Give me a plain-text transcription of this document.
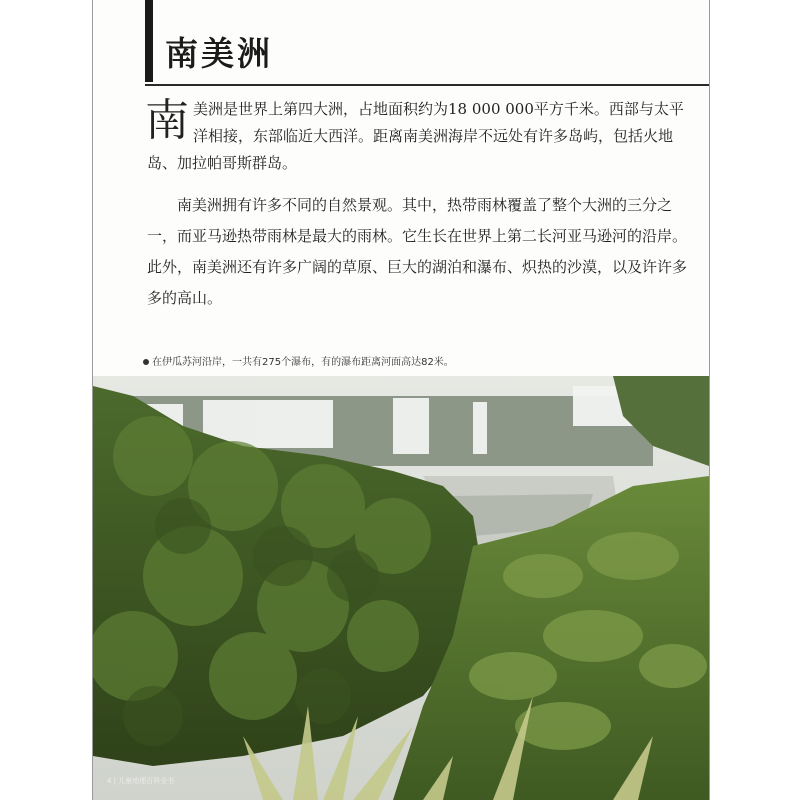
南美洲
南 美洲是世界上第四大洲，占地面积约为18 000 000平方千米。西部与太平洋相接，东部临近大西洋。距离南美洲海岸不远处有许多岛屿，包括火地岛、加拉帕哥斯群岛。

南美洲拥有许多不同的自然景观。其中，热带雨林覆盖了整个大洲的三分之一，而亚马逊热带雨林是最大的雨林。它生长在世界上第二长河亚马逊河的沿岸。此外，南美洲还有许多广阔的草原、巨大的湖泊和瀑布、炽热的沙漠，以及许许多多的高山。

在伊瓜苏河沿岸，一共有275个瀑布，有的瀑布距离河面高达82米。
4 | 儿童地理百科全书
